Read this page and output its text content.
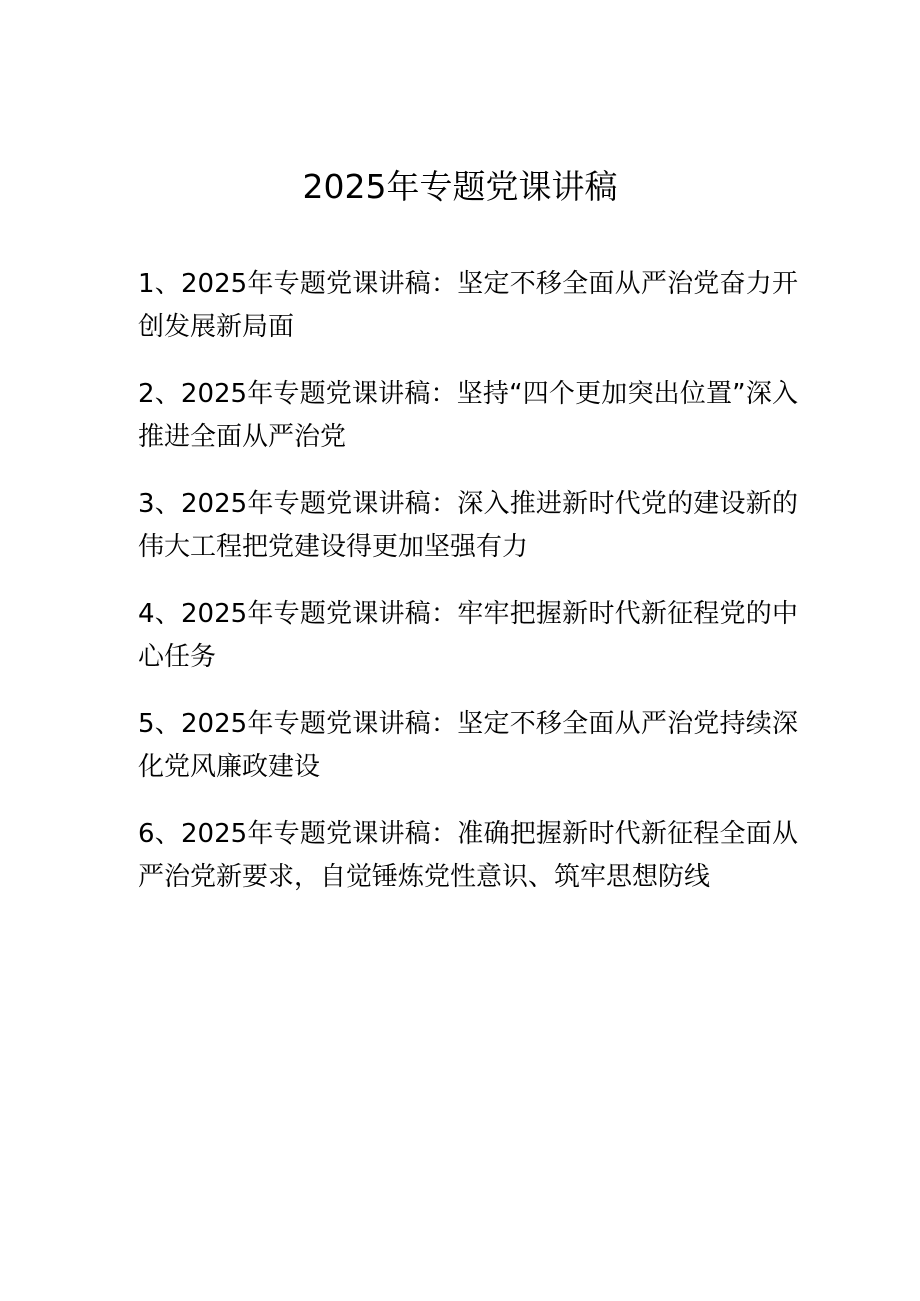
2025年专题党课讲稿
1、2025年专题党课讲稿：坚定不移全面从严治党奋力开创发展新局面
2、2025年专题党课讲稿：坚持“四个更加突出位置”深入推进全面从严治党
3、2025年专题党课讲稿：深入推进新时代党的建设新的伟大工程把党建设得更加坚强有力
4、2025年专题党课讲稿：牢牢把握新时代新征程党的中心任务
5、2025年专题党课讲稿：坚定不移全面从严治党持续深化党风廉政建设
6、2025年专题党课讲稿：准确把握新时代新征程全面从严治党新要求，自觉锤炼党性意识、筑牢思想防线
